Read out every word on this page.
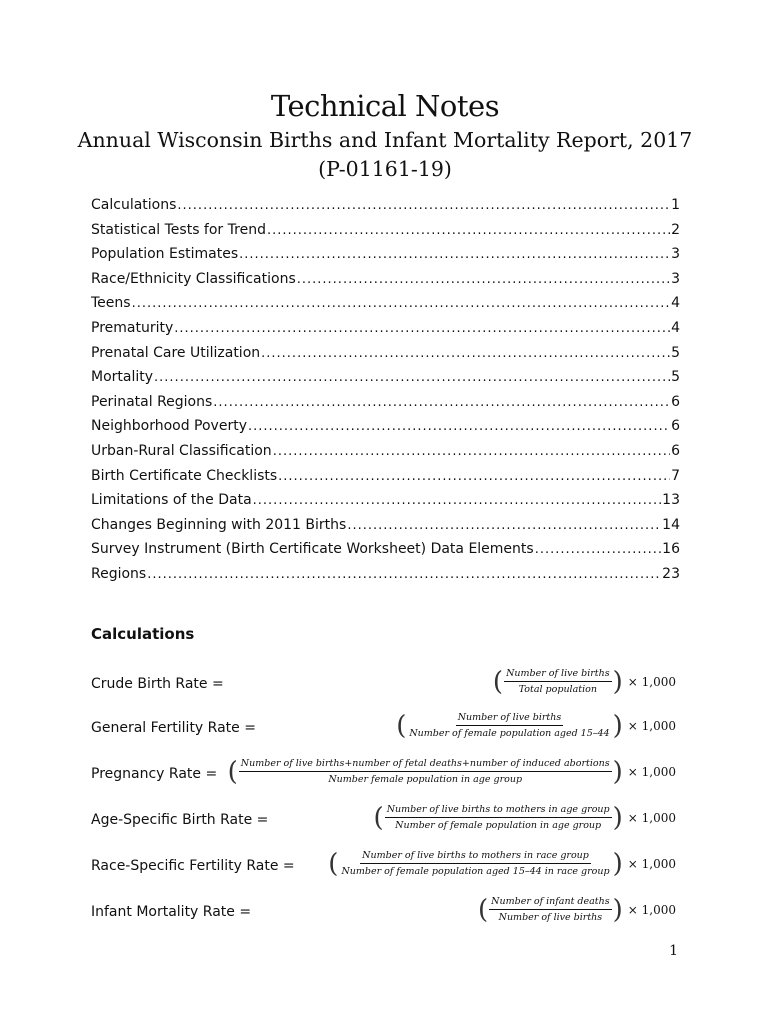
Technical Notes
Annual Wisconsin Births and Infant Mortality Report, 2017
(P-01161-19)
Calculations .....	1
Statistical Tests for Trend .....	2
Population Estimates .....	3
Race/Ethnicity Classifications .....	3
Teens .....	4
Prematurity .....	4
Prenatal Care Utilization .....	5
Mortality .....	5
Perinatal Regions .....	6
Neighborhood Poverty .....	6
Urban-Rural Classification .....	6
Birth Certificate Checklists .....	7
Limitations of the Data .....	13
Changes Beginning with 2011 Births .....	14
Survey Instrument (Birth Certificate Worksheet) Data Elements .....	16
Regions .....	23
Calculations
Crude Birth Rate =	( $\frac{\text{Number of live births}}{\text{Total population}}$ ) × 1,000
General Fertility Rate =	( $\frac{\text{Number of live births}}{\text{Number of female population aged 15–44}}$ ) × 1,000
Pregnancy Rate = ( Number of live births+number of fetal deaths+number of induced abortions
Number female population in age group	) × 1,000
Age-Specific Birth Rate =	( $\frac{\text{Number of live births to mothers in age group}}{\text{Number of female population in age group}}$ ) × 1,000
Race-Specific Fertility Rate = ( $\frac{\text{Number of live births to mothers in race group}}{\text{Number of female population aged 15–44 in race group}}$ ) × 1,000
Infant Mortality Rate =	( $\frac{\text{Number of infant deaths}}{\text{Number of live births}}$ ) × 1,000
1
